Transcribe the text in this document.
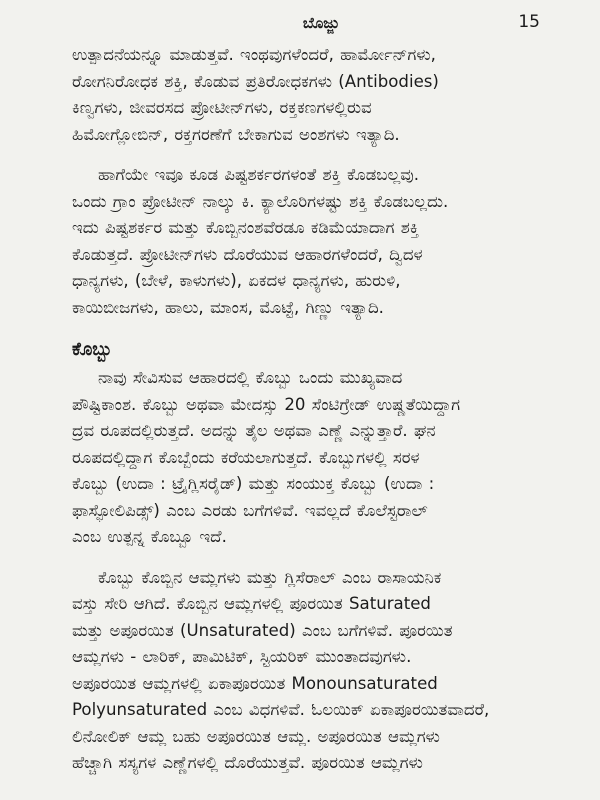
ಬೊಜ್ಜು	15
ಉತ್ಪಾದನೆಯನ್ನೂ ಮಾಡುತ್ತವೆ. ಇಂಥವುಗಳೆಂದರೆ, ಹಾರ್ಮೋನ್‌ಗಳು,
ರೋಗನಿರೋಧಕ ಶಕ್ತಿ, ಕೊಡುವ ಪ್ರತಿರೋಧಕಗಳು (Antibodies)
ಕಿಣ್ವಗಳು, ಜೀವರಸದ ಪ್ರೋಟೀನ್‌ಗಳು, ರಕ್ತಕಣಗಳಲ್ಲಿರುವ
ಹಿಮೋಗ್ಲೋಬಿನ್, ರಕ್ತಗರಣೆಗೆ ಬೇಕಾಗುವ ಅಂಶಗಳು ಇತ್ಯಾದಿ.
ಹಾಗೆಯೇ ಇವೂ ಕೂಡ ಪಿಷ್ಟಶರ್ಕರಗಳಂತೆ ಶಕ್ತಿ ಕೊಡಬಲ್ಲವು.
ಒಂದು ಗ್ರಾಂ ಪ್ರೋಟೀನ್ ನಾಲ್ಕು ಕಿ. ಕ್ಯಾಲೊರಿಗಳಷ್ಟು ಶಕ್ತಿ ಕೊಡಬಲ್ಲದು.
ಇದು ಪಿಷ್ಟಶರ್ಕರ ಮತ್ತು ಕೊಬ್ಬಿನಂಶವೆರಡೂ ಕಡಿಮೆಯಾದಾಗ ಶಕ್ತಿ
ಕೊಡುತ್ತದೆ. ಪ್ರೋಟೀನ್‌ಗಳು ದೊರೆಯುವ ಆಹಾರಗಳೆಂದರೆ, ದ್ವಿದಳ
ಧಾನ್ಯಗಳು, (ಬೇಳೆ, ಕಾಳುಗಳು), ಏಕದಳ ಧಾನ್ಯಗಳು, ಹುರುಳಿ,
ಕಾಯಿಬೀಜಗಳು, ಹಾಲು, ಮಾಂಸ, ಮೊಟ್ಟೆ, ಗಿಣ್ಣು ಇತ್ಯಾದಿ.
ಕೊಬ್ಬು
ನಾವು ಸೇವಿಸುವ ಆಹಾರದಲ್ಲಿ ಕೊಬ್ಬು ಒಂದು ಮುಖ್ಯವಾದ
ಪೌಷ್ಟಿಕಾಂಶ. ಕೊಬ್ಬು ಅಥವಾ ಮೇದಸ್ಸು 20 ಸೆಂಟಿಗ್ರೇಡ್ ಉಷ್ಣತೆಯಿದ್ದಾಗ
ದ್ರವ ರೂಪದಲ್ಲಿರುತ್ತದೆ. ಅದನ್ನು ತೈಲ ಅಥವಾ ಎಣ್ಣೆ ಎನ್ನುತ್ತಾರೆ. ಘನ
ರೂಪದಲ್ಲಿದ್ದಾಗ ಕೊಬ್ಬೆಂದು ಕರೆಯಲಾಗುತ್ತದೆ. ಕೊಬ್ಬುಗಳಲ್ಲಿ ಸರಳ
ಕೊಬ್ಬು (ಉದಾ : ಟ್ರೈಗ್ಲಿಸರೈಡ್) ಮತ್ತು ಸಂಯುಕ್ತ ಕೊಬ್ಬು (ಉದಾ :
ಫಾಸ್ಫೋಲಿಪಿಡ್ಸ್) ಎಂಬ ಎರಡು ಬಗೆಗಳಿವೆ. ಇವಲ್ಲದೆ ಕೊಲೆಸ್ಟರಾಲ್
ಎಂಬ ಉತ್ಪನ್ನ ಕೊಬ್ಬೂ ಇದೆ.
ಕೊಬ್ಬು ಕೊಬ್ಬಿನ ಆಮ್ಲಗಳು ಮತ್ತು ಗ್ಲಿಸೆರಾಲ್ ಎಂಬ ರಾಸಾಯನಿಕ
ವಸ್ತು ಸೇರಿ ಆಗಿದೆ. ಕೊಬ್ಬಿನ ಆಮ್ಲಗಳಲ್ಲಿ ಪೂರಯಿತ Saturated
ಮತ್ತು ಅಪೂರಯಿತ (Unsaturated) ಎಂಬ ಬಗೆಗಳಿವೆ. ಪೂರಯಿತ
ಆಮ್ಲಗಳು - ಲಾರಿಕ್, ಪಾಮಿಟಿಕ್, ಸ್ಟಿಯರಿಕ್ ಮುಂತಾದವುಗಳು.
ಅಪೂರಯಿತ ಆಮ್ಲಗಳಲ್ಲಿ ಏಕಾಪೂರಯಿತ Monounsaturated
Polyunsaturated ಎಂಬ ವಿಧಗಳಿವೆ. ಓಲಯಿಕ್ ಏಕಾಪೂರಯಿತವಾದರೆ,
ಲಿನೋಲಿಕ್ ಆಮ್ಲ ಬಹು ಅಪೂರಯಿತ ಆಮ್ಲ. ಅಪೂರಯಿತ ಆಮ್ಲಗಳು
ಹೆಚ್ಚಾಗಿ ಸಸ್ಯಗಳ ಎಣ್ಣೆಗಳಲ್ಲಿ ದೊರೆಯುತ್ತವೆ. ಪೂರಯಿತ ಆಮ್ಲಗಳು
